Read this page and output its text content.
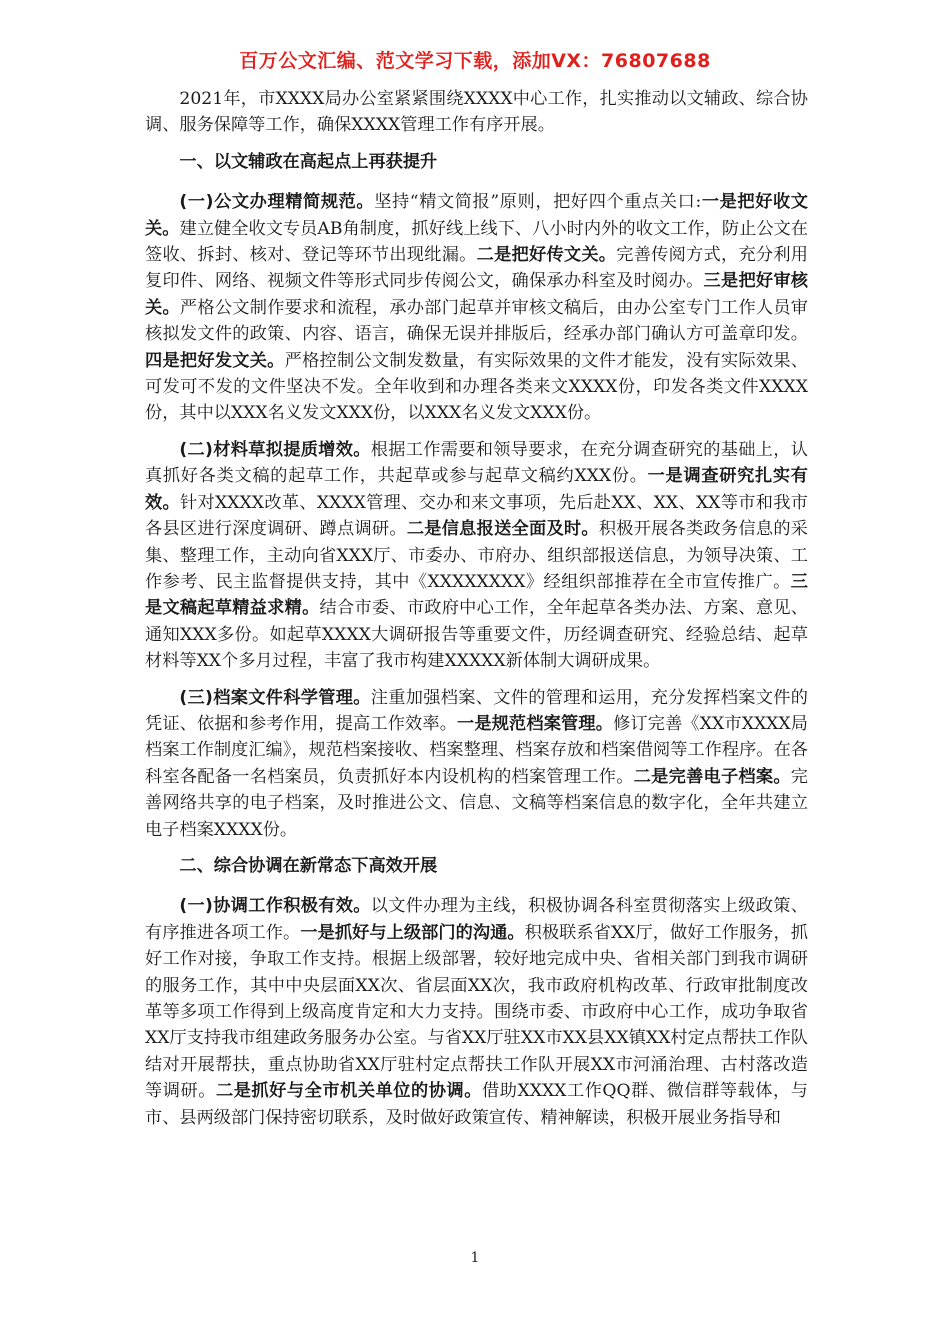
百万公文汇编、范文学习下载，添加VX：76807688

2021年，市XXXX局办公室紧紧围绕XXXX中心工作，扎实推动以文辅政、综合协调、服务保障等工作，确保XXXX管理工作有序开展。

一、以文辅政在高起点上再获提升

(一)公文办理精简规范。坚持“精文简报”原则，把好四个重点关口:一是把好收文关。建立健全收文专员AB角制度，抓好线上线下、八小时内外的收文工作，防止公文在签收、拆封、核对、登记等环节出现纰漏。二是把好传文关。完善传阅方式，充分利用复印件、网络、视频文件等形式同步传阅公文，确保承办科室及时阅办。三是把好审核关。严格公文制作要求和流程，承办部门起草并审核文稿后，由办公室专门工作人员审核拟发文件的政策、内容、语言，确保无误并排版后，经承办部门确认方可盖章印发。四是把好发文关。严格控制公文制发数量，有实际效果的文件才能发，没有实际效果、可发可不发的文件坚决不发。全年收到和办理各类来文XXXX份，印发各类文件XXXX份，其中以XXX名义发文XXX份，以XXX名义发文XXX份。

(二)材料草拟提质增效。根据工作需要和领导要求，在充分调查研究的基础上，认真抓好各类文稿的起草工作，共起草或参与起草文稿约XXX份。一是调查研究扎实有效。针对XXXX改革、XXXX管理、交办和来文事项，先后赴XX、XX、XX等市和我市各县区进行深度调研、蹲点调研。二是信息报送全面及时。积极开展各类政务信息的采集、整理工作，主动向省XXX厅、市委办、市府办、组织部报送信息，为领导决策、工作参考、民主监督提供支持，其中《XXXXXXXX》经组织部推荐在全市宣传推广。三是文稿起草精益求精。结合市委、市政府中心工作，全年起草各类办法、方案、意见、通知XXX多份。如起草XXXX大调研报告等重要文件，历经调查研究、经验总结、起草材料等XX个多月过程，丰富了我市构建XXXXX新体制大调研成果。

(三)档案文件科学管理。注重加强档案、文件的管理和运用，充分发挥档案文件的凭证、依据和参考作用，提高工作效率。一是规范档案管理。修订完善《XX市XXXX局档案工作制度汇编》，规范档案接收、档案整理、档案存放和档案借阅等工作程序。在各科室各配备一名档案员，负责抓好本内设机构的档案管理工作。二是完善电子档案。完善网络共享的电子档案，及时推进公文、信息、文稿等档案信息的数字化，全年共建立电子档案XXXX份。

二、综合协调在新常态下高效开展

(一)协调工作积极有效。以文件办理为主线，积极协调各科室贯彻落实上级政策、有序推进各项工作。一是抓好与上级部门的沟通。积极联系省XX厅，做好工作服务，抓好工作对接，争取工作支持。根据上级部署，较好地完成中央、省相关部门到我市调研的服务工作，其中中央层面XX次、省层面XX次，我市政府机构改革、行政审批制度改革等多项工作得到上级高度肯定和大力支持。围绕市委、市政府中心工作，成功争取省XX厅支持我市组建政务服务办公室。与省XX厅驻XX市XX县XX镇XX村定点帮扶工作队结对开展帮扶，重点协助省XX厅驻村定点帮扶工作队开展XX市河涌治理、古村落改造等调研。二是抓好与全市机关单位的协调。借助XXXX工作QQ群、微信群等载体，与市、县两级部门保持密切联系，及时做好政策宣传、精神解读，积极开展业务指导和

1
